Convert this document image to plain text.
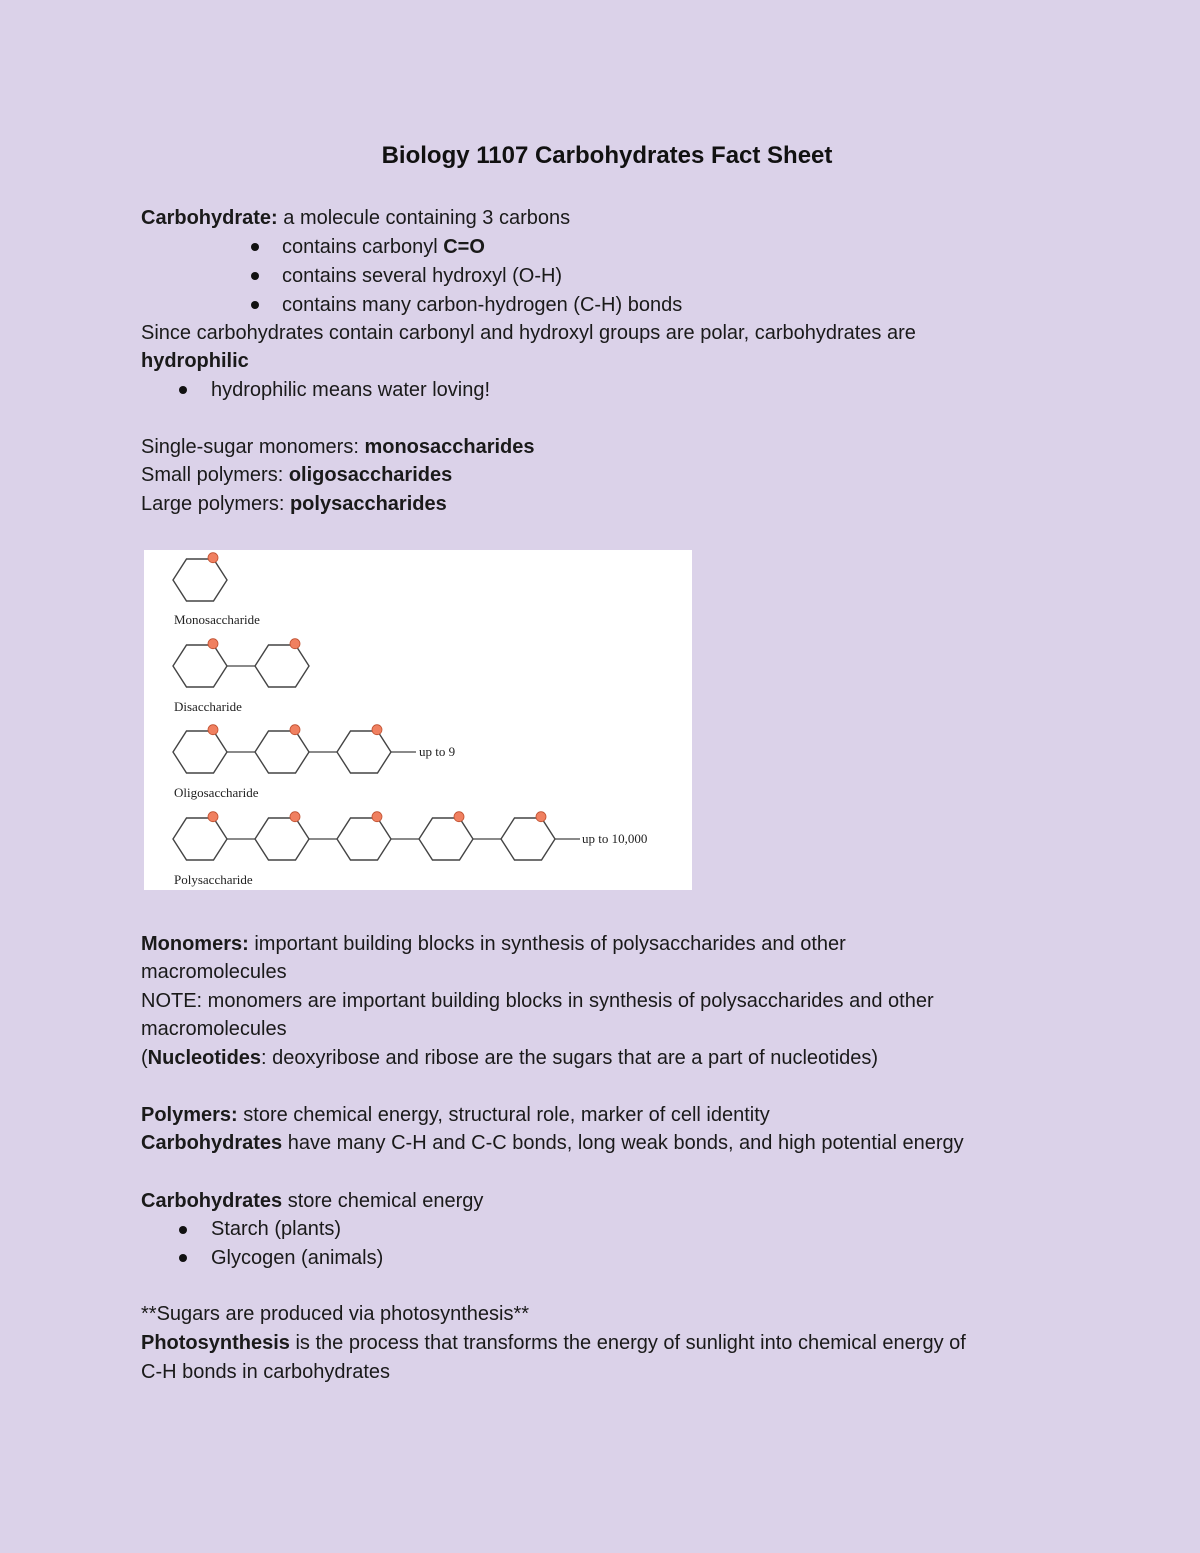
Biology 1107 Carbohydrates Fact Sheet
Carbohydrate: a molecule containing 3 carbons
contains carbonyl C=O
contains several hydroxyl (O-H)
contains many carbon-hydrogen (C-H) bonds
Since carbohydrates contain carbonyl and hydroxyl groups are polar, carbohydrates are
hydrophilic
hydrophilic means water loving!
Single-sugar monomers: monosaccharides
Small polymers: oligosaccharides
Large polymers: polysaccharides
Monosaccharide
Disaccharide
Oligosaccharide
Polysaccharide
up to 9
up to 10,000
Monomers: important building blocks in synthesis of polysaccharides and other
macromolecules
NOTE: monomers are important building blocks in synthesis of polysaccharides and other
macromolecules
(Nucleotides: deoxyribose and ribose are the sugars that are a part of nucleotides)
Polymers: store chemical energy, structural role, marker of cell identity
Carbohydrates have many C-H and C-C bonds, long weak bonds, and high potential energy
Carbohydrates store chemical energy
Starch (plants)
Glycogen (animals)
**Sugars are produced via photosynthesis**
Photosynthesis is the process that transforms the energy of sunlight into chemical energy of
C-H bonds in carbohydrates
